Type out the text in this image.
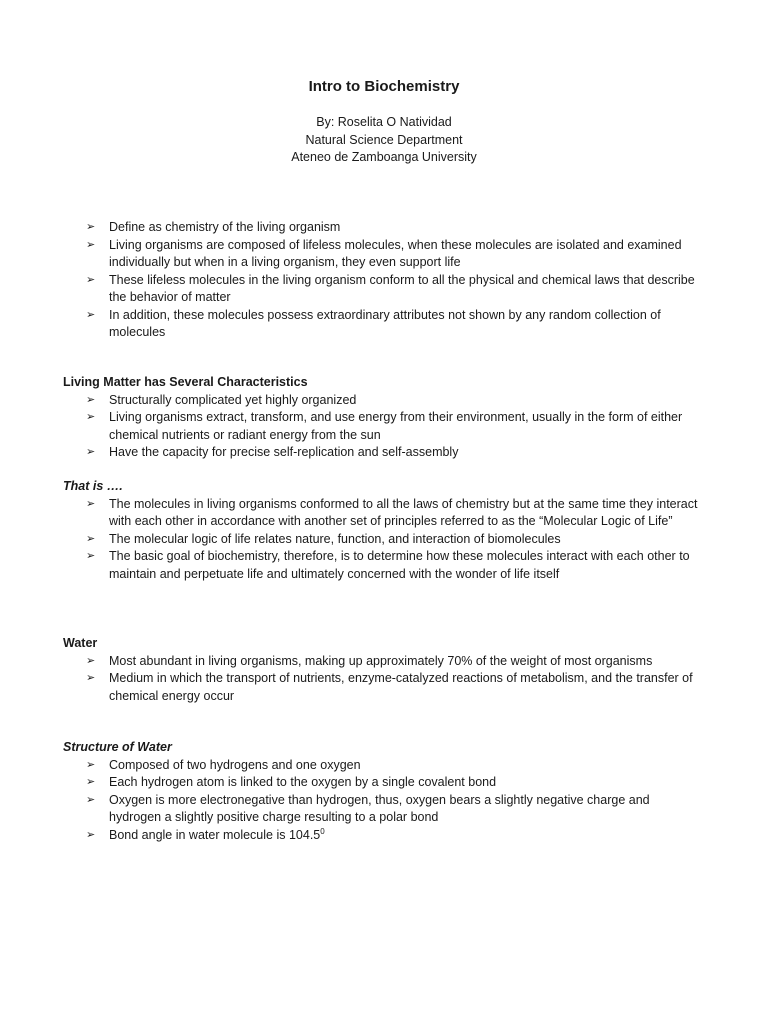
Intro to Biochemistry
By: Roselita O Natividad
Natural Science Department
Ateneo de Zamboanga University
➢	Define as chemistry of the living organism
➢	Living organisms are composed of lifeless molecules, when these molecules are isolated and examined individually but when in a living organism, they even support life
➢	These lifeless molecules in the living organism conform to all the physical and chemical laws that describe the behavior of matter
➢	In addition, these molecules possess extraordinary attributes not shown by any random collection of molecules
Living Matter has Several Characteristics
➢	Structurally complicated yet highly organized
➢	Living organisms extract, transform, and use energy from their environment, usually in the form of either chemical nutrients or radiant energy from the sun
➢	Have the capacity for precise self-replication and self-assembly
That is ….
➢	The molecules in living organisms conformed to all the laws of chemistry but at the same time they interact with each other in accordance with another set of principles referred to as the “Molecular Logic of Life”
➢	The molecular logic of life relates nature, function, and interaction of biomolecules
➢	The basic goal of biochemistry, therefore, is to determine how these molecules interact with each other to maintain and perpetuate life and ultimately concerned with the wonder of life itself
Water
➢	Most abundant in living organisms, making up approximately 70% of the weight of most organisms
➢	Medium in which the transport of nutrients, enzyme-catalyzed reactions of metabolism, and the transfer of chemical energy occur
Structure of Water
➢	Composed of two hydrogens and one oxygen
➢	Each hydrogen atom is linked to the oxygen by a single covalent bond
➢	Oxygen is more electronegative than hydrogen, thus, oxygen bears a slightly negative charge and hydrogen a slightly positive charge resulting to a polar bond
➢	Bond angle in water molecule is 104.5$^0$
